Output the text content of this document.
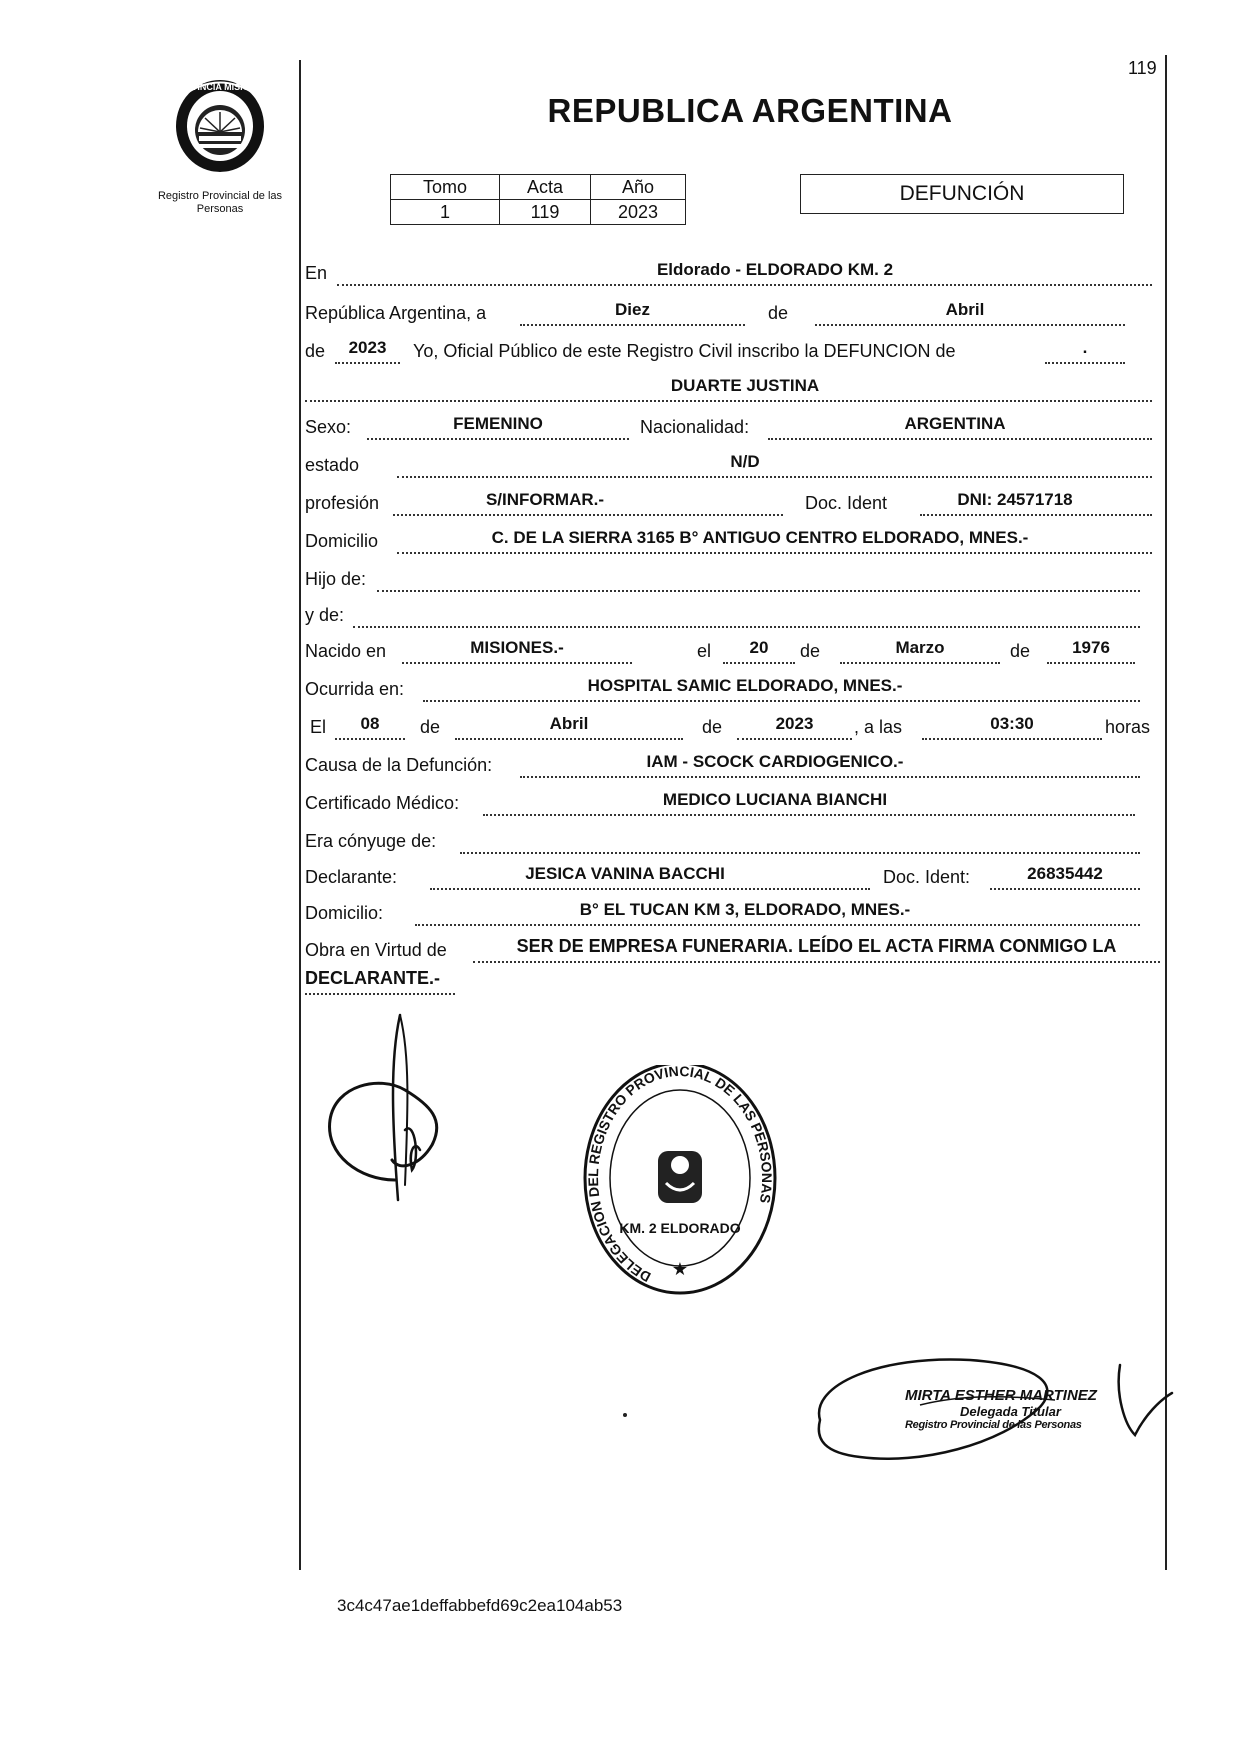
119
PROVINCIA MISIONES
Registro Provincial de las Personas
REPUBLICA ARGENTINA
Tomo	Acta	Año
1	119	2023
DEFUNCIÓN
En	Eldorado - ELDORADO KM. 2
República Argentina, a	Diez	de	Abril
de	2023	Yo, Oficial Público de este Registro Civil inscribo la DEFUNCION de	.
DUARTE JUSTINA
Sexo:	FEMENINO	Nacionalidad:	ARGENTINA
estado	N/D
profesión	S/INFORMAR.-	Doc. Ident	DNI: 24571718
Domicilio	C. DE LA SIERRA 3165 B° ANTIGUO CENTRO ELDORADO, MNES.-
Hijo de:
y de:
Nacido en	MISIONES.-	el	20	de	Marzo	de	1976
Ocurrida en:	HOSPITAL SAMIC ELDORADO, MNES.-
El	08	de	Abril	de	2023	, a las	03:30	horas
Causa de la Defunción:	IAM - SCOCK CARDIOGENICO.-
Certificado Médico:	MEDICO LUCIANA BIANCHI
Era cónyuge de:
Declarante:	JESICA VANINA BACCHI	Doc. Ident:	26835442
Domicilio:	B° EL TUCAN KM 3, ELDORADO, MNES.-
Obra en Virtud de	SER DE EMPRESA FUNERARIA. LEÍDO EL ACTA FIRMA CONMIGO LA
DECLARANTE.-
DELEGACION DEL REGISTRO PROVINCIAL DE LAS PERSONAS
KM. 2 ELDORADO
★
MIRTA ESTHER MARTINEZ
Delegada Titular
Registro Provincial de las Personas
3c4c47ae1deffabbefd69c2ea104ab53
